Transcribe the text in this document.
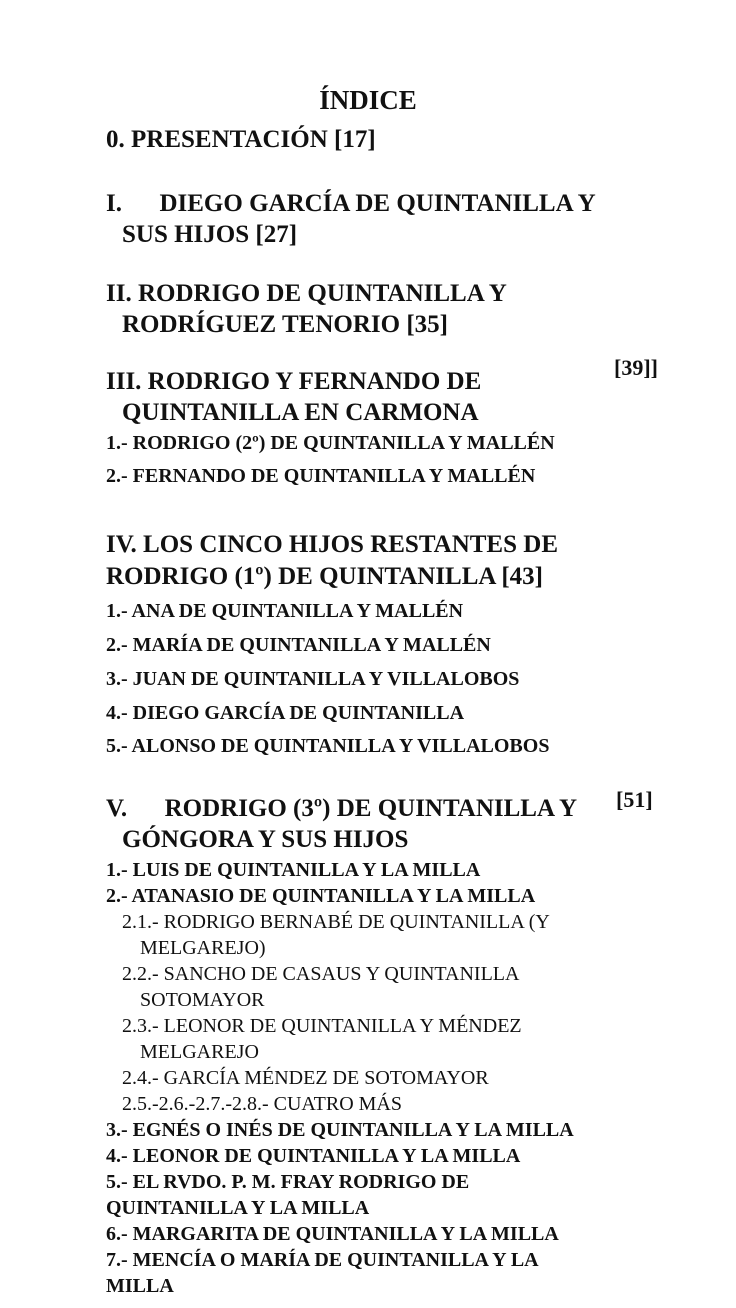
ÍNDICE
0. PRESENTACIÓN [17]
I.      DIEGO GARCÍA DE QUINTANILLA Y
SUS HIJOS [27]
II. RODRIGO DE QUINTANILLA Y
RODRÍGUEZ TENORIO [35]
[39]]
III. RODRIGO Y FERNANDO DE
QUINTANILLA EN CARMONA
1.- RODRIGO (2º) DE QUINTANILLA Y MALLÉN
2.- FERNANDO DE QUINTANILLA Y MALLÉN
IV. LOS CINCO HIJOS RESTANTES DE
RODRIGO (1º) DE QUINTANILLA [43]
1.- ANA DE QUINTANILLA Y MALLÉN
2.- MARÍA DE QUINTANILLA Y MALLÉN
3.- JUAN DE QUINTANILLA Y VILLALOBOS
4.- DIEGO GARCÍA DE QUINTANILLA
5.- ALONSO DE QUINTANILLA Y VILLALOBOS
[51]
V.      RODRIGO (3º) DE QUINTANILLA Y
GÓNGORA Y SUS HIJOS
1.- LUIS DE QUINTANILLA Y LA MILLA
2.- ATANASIO DE QUINTANILLA Y LA MILLA
2.1.- RODRIGO BERNABÉ DE QUINTANILLA (Y
MELGAREJO)
2.2.- SANCHO DE CASAUS Y QUINTANILLA
SOTOMAYOR
2.3.- LEONOR DE QUINTANILLA Y MÉNDEZ
MELGAREJO
2.4.- GARCÍA MÉNDEZ DE SOTOMAYOR
2.5.-2.6.-2.7.-2.8.- CUATRO MÁS
3.- EGNÉS O INÉS DE QUINTANILLA Y LA MILLA
4.- LEONOR DE QUINTANILLA Y LA MILLA
5.- EL RVDO. P. M. FRAY RODRIGO DE
QUINTANILLA Y LA MILLA
6.- MARGARITA DE QUINTANILLA Y LA MILLA
7.- MENCÍA O MARÍA DE QUINTANILLA Y LA
MILLA
